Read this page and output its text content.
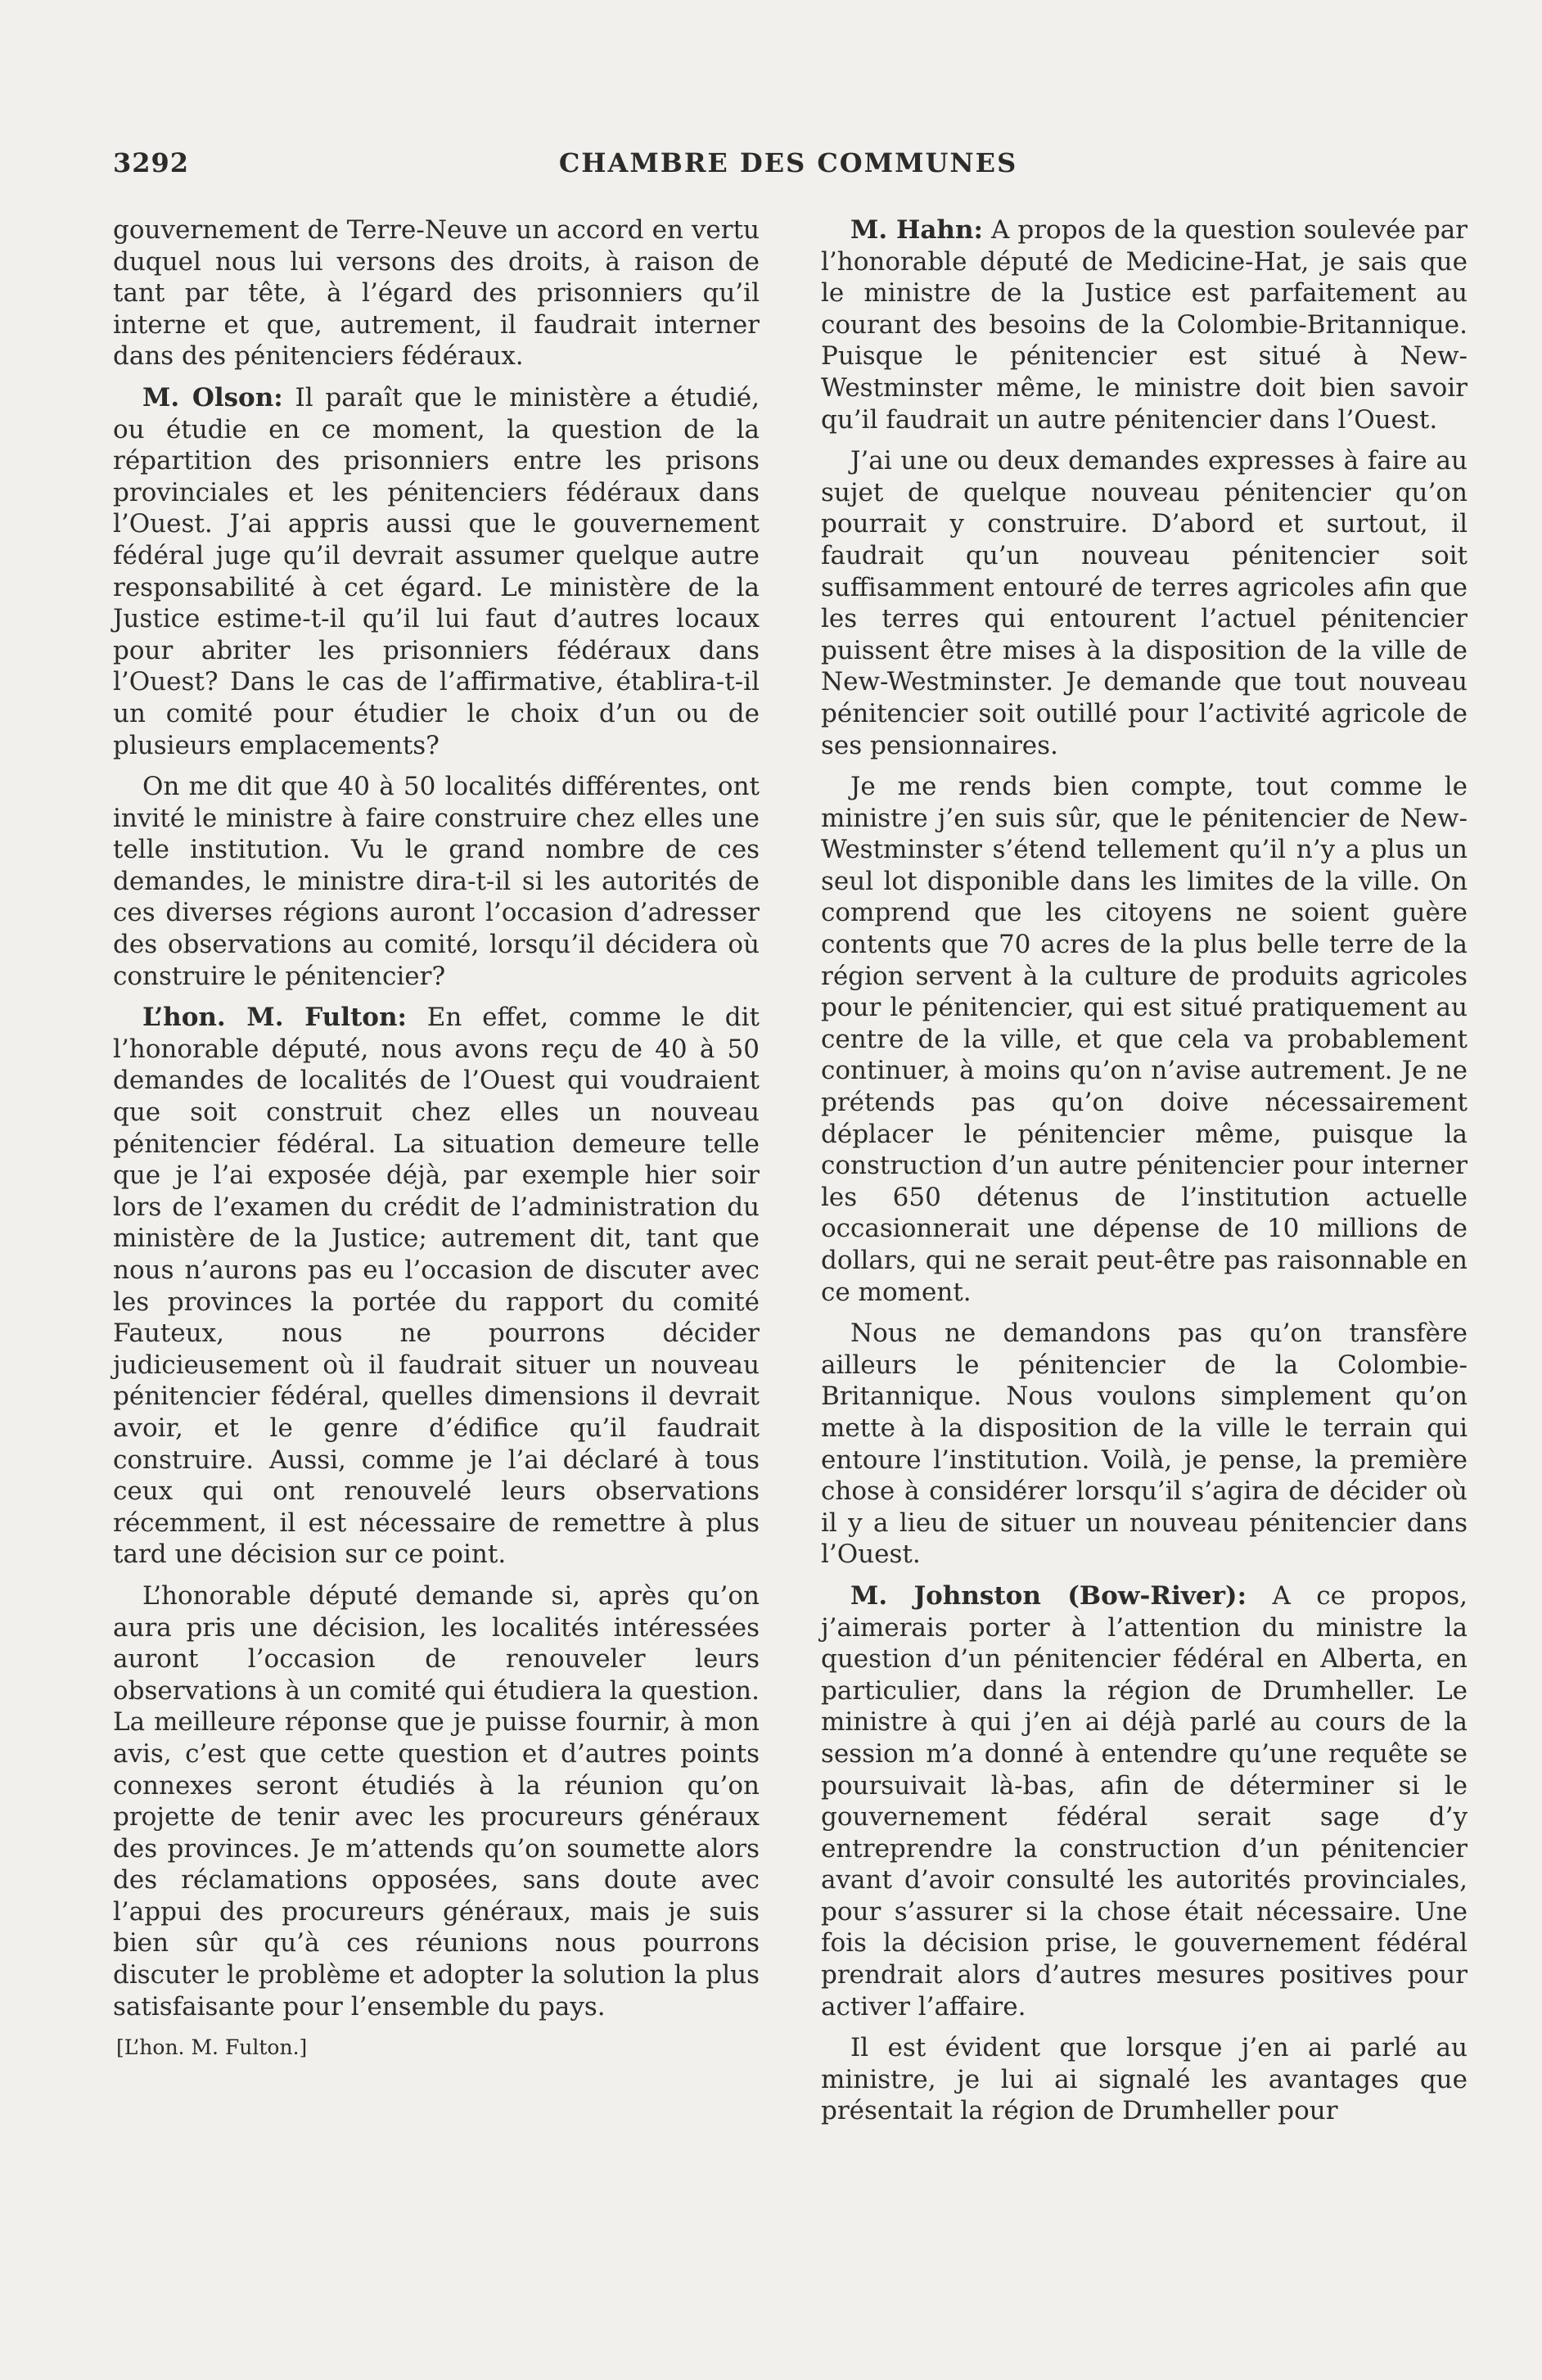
3292	CHAMBRE DES COMMUNES

gouvernement de Terre-Neuve un accord en vertu duquel nous lui versons des droits, à raison de tant par tête, à l’égard des prisonniers qu’il interne et que, autrement, il faudrait interner dans des pénitenciers fédéraux.

M. Olson: Il paraît que le ministère a étudié, ou étudie en ce moment, la question de la répartition des prisonniers entre les prisons provinciales et les pénitenciers fédéraux dans l’Ouest. J’ai appris aussi que le gouvernement fédéral juge qu’il devrait assumer quelque autre responsabilité à cet égard. Le ministère de la Justice estime-t-il qu’il lui faut d’autres locaux pour abriter les prisonniers fédéraux dans l’Ouest? Dans le cas de l’affirmative, établira-t-il un comité pour étudier le choix d’un ou de plusieurs emplacements?

On me dit que 40 à 50 localités différentes, ont invité le ministre à faire construire chez elles une telle institution. Vu le grand nombre de ces demandes, le ministre dira-t-il si les autorités de ces diverses régions auront l’occasion d’adresser des observations au comité, lorsqu’il décidera où construire le pénitencier?

L’hon. M. Fulton: En effet, comme le dit l’honorable député, nous avons reçu de 40 à 50 demandes de localités de l’Ouest qui voudraient que soit construit chez elles un nouveau pénitencier fédéral. La situation demeure telle que je l’ai exposée déjà, par exemple hier soir lors de l’examen du crédit de l’administration du ministère de la Justice; autrement dit, tant que nous n’aurons pas eu l’occasion de discuter avec les provinces la portée du rapport du comité Fauteux, nous ne pourrons décider judicieusement où il faudrait situer un nouveau pénitencier fédéral, quelles dimensions il devrait avoir, et le genre d’édifice qu’il faudrait construire. Aussi, comme je l’ai déclaré à tous ceux qui ont renouvelé leurs observations récemment, il est nécessaire de remettre à plus tard une décision sur ce point.

L’honorable député demande si, après qu’on aura pris une décision, les localités intéressées auront l’occasion de renouveler leurs observations à un comité qui étudiera la question. La meilleure réponse que je puisse fournir, à mon avis, c’est que cette question et d’autres points connexes seront étudiés à la réunion qu’on projette de tenir avec les procureurs généraux des provinces. Je m’attends qu’on soumette alors des réclamations opposées, sans doute avec l’appui des procureurs généraux, mais je suis bien sûr qu’à ces réunions nous pourrons discuter le problème et adopter la solution la plus satisfaisante pour l’ensemble du pays.

[L’hon. M. Fulton.]

M. Hahn: A propos de la question soulevée par l’honorable député de Medicine-Hat, je sais que le ministre de la Justice est parfaitement au courant des besoins de la Colombie-Britannique. Puisque le pénitencier est situé à New-Westminster même, le ministre doit bien savoir qu’il faudrait un autre pénitencier dans l’Ouest.

J’ai une ou deux demandes expresses à faire au sujet de quelque nouveau pénitencier qu’on pourrait y construire. D’abord et surtout, il faudrait qu’un nouveau pénitencier soit suffisamment entouré de terres agricoles afin que les terres qui entourent l’actuel pénitencier puissent être mises à la disposition de la ville de New-Westminster. Je demande que tout nouveau pénitencier soit outillé pour l’activité agricole de ses pensionnaires.

Je me rends bien compte, tout comme le ministre j’en suis sûr, que le pénitencier de New-Westminster s’étend tellement qu’il n’y a plus un seul lot disponible dans les limites de la ville. On comprend que les citoyens ne soient guère contents que 70 acres de la plus belle terre de la région servent à la culture de produits agricoles pour le pénitencier, qui est situé pratiquement au centre de la ville, et que cela va probablement continuer, à moins qu’on n’avise autrement. Je ne prétends pas qu’on doive nécessairement déplacer le pénitencier même, puisque la construction d’un autre pénitencier pour interner les 650 détenus de l’institution actuelle occasionnerait une dépense de 10 millions de dollars, qui ne serait peut-être pas raisonnable en ce moment.

Nous ne demandons pas qu’on transfère ailleurs le pénitencier de la Colombie-Britannique. Nous voulons simplement qu’on mette à la disposition de la ville le terrain qui entoure l’institution. Voilà, je pense, la première chose à considérer lorsqu’il s’agira de décider où il y a lieu de situer un nouveau pénitencier dans l’Ouest.

M. Johnston (Bow-River): A ce propos, j’aimerais porter à l’attention du ministre la question d’un pénitencier fédéral en Alberta, en particulier, dans la région de Drumheller. Le ministre à qui j’en ai déjà parlé au cours de la session m’a donné à entendre qu’une requête se poursuivait là-bas, afin de déterminer si le gouvernement fédéral serait sage d’y entreprendre la construction d’un pénitencier avant d’avoir consulté les autorités provinciales, pour s’assurer si la chose était nécessaire. Une fois la décision prise, le gouvernement fédéral prendrait alors d’autres mesures positives pour activer l’affaire.

Il est évident que lorsque j’en ai parlé au ministre, je lui ai signalé les avantages que présentait la région de Drumheller pour
